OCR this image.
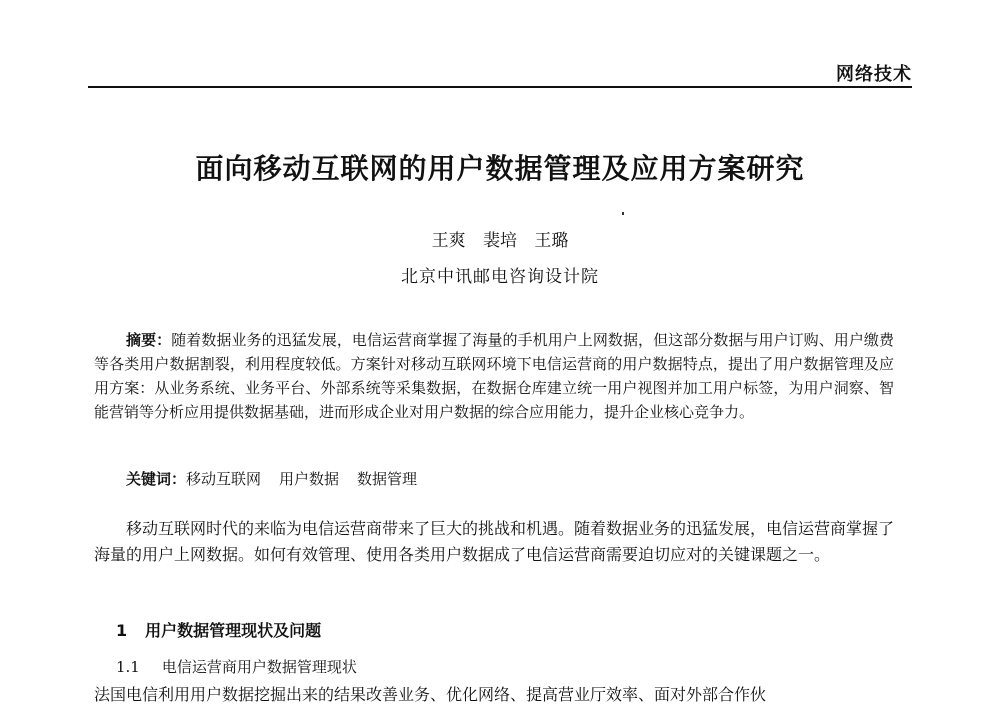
网络技术
面向移动互联网的用户数据管理及应用方案研究
王爽 裴培 王璐
北京中讯邮电咨询设计院
摘要：随着数据业务的迅猛发展，电信运营商掌握了海量的手机用户上网数据，但这部分数据与用户订购、用户缴费等各类用户数据割裂，利用程度较低。方案针对移动互联网环境下电信运营商的用户数据特点，提出了用户数据管理及应用方案：从业务系统、业务平台、外部系统等采集数据，在数据仓库建立统一用户视图并加工用户标签，为用户洞察、智能营销等分析应用提供数据基础，进而形成企业对用户数据的综合应用能力，提升企业核心竞争力。
关键词：移动互联网 用户数据 数据管理
移动互联网时代的来临为电信运营商带来了巨大的挑战和机遇。随着数据业务的迅猛发展，电信运营商掌握了海量的用户上网数据。如何有效管理、使用各类用户数据成了电信运营商需要迫切应对的关键课题之一。
1 用户数据管理现状及问题
1.1 电信运营商用户数据管理现状
法国电信利用用户数据挖掘出来的结果改善业务、优化网络、提高营业厅效率、面对外部合作伙
